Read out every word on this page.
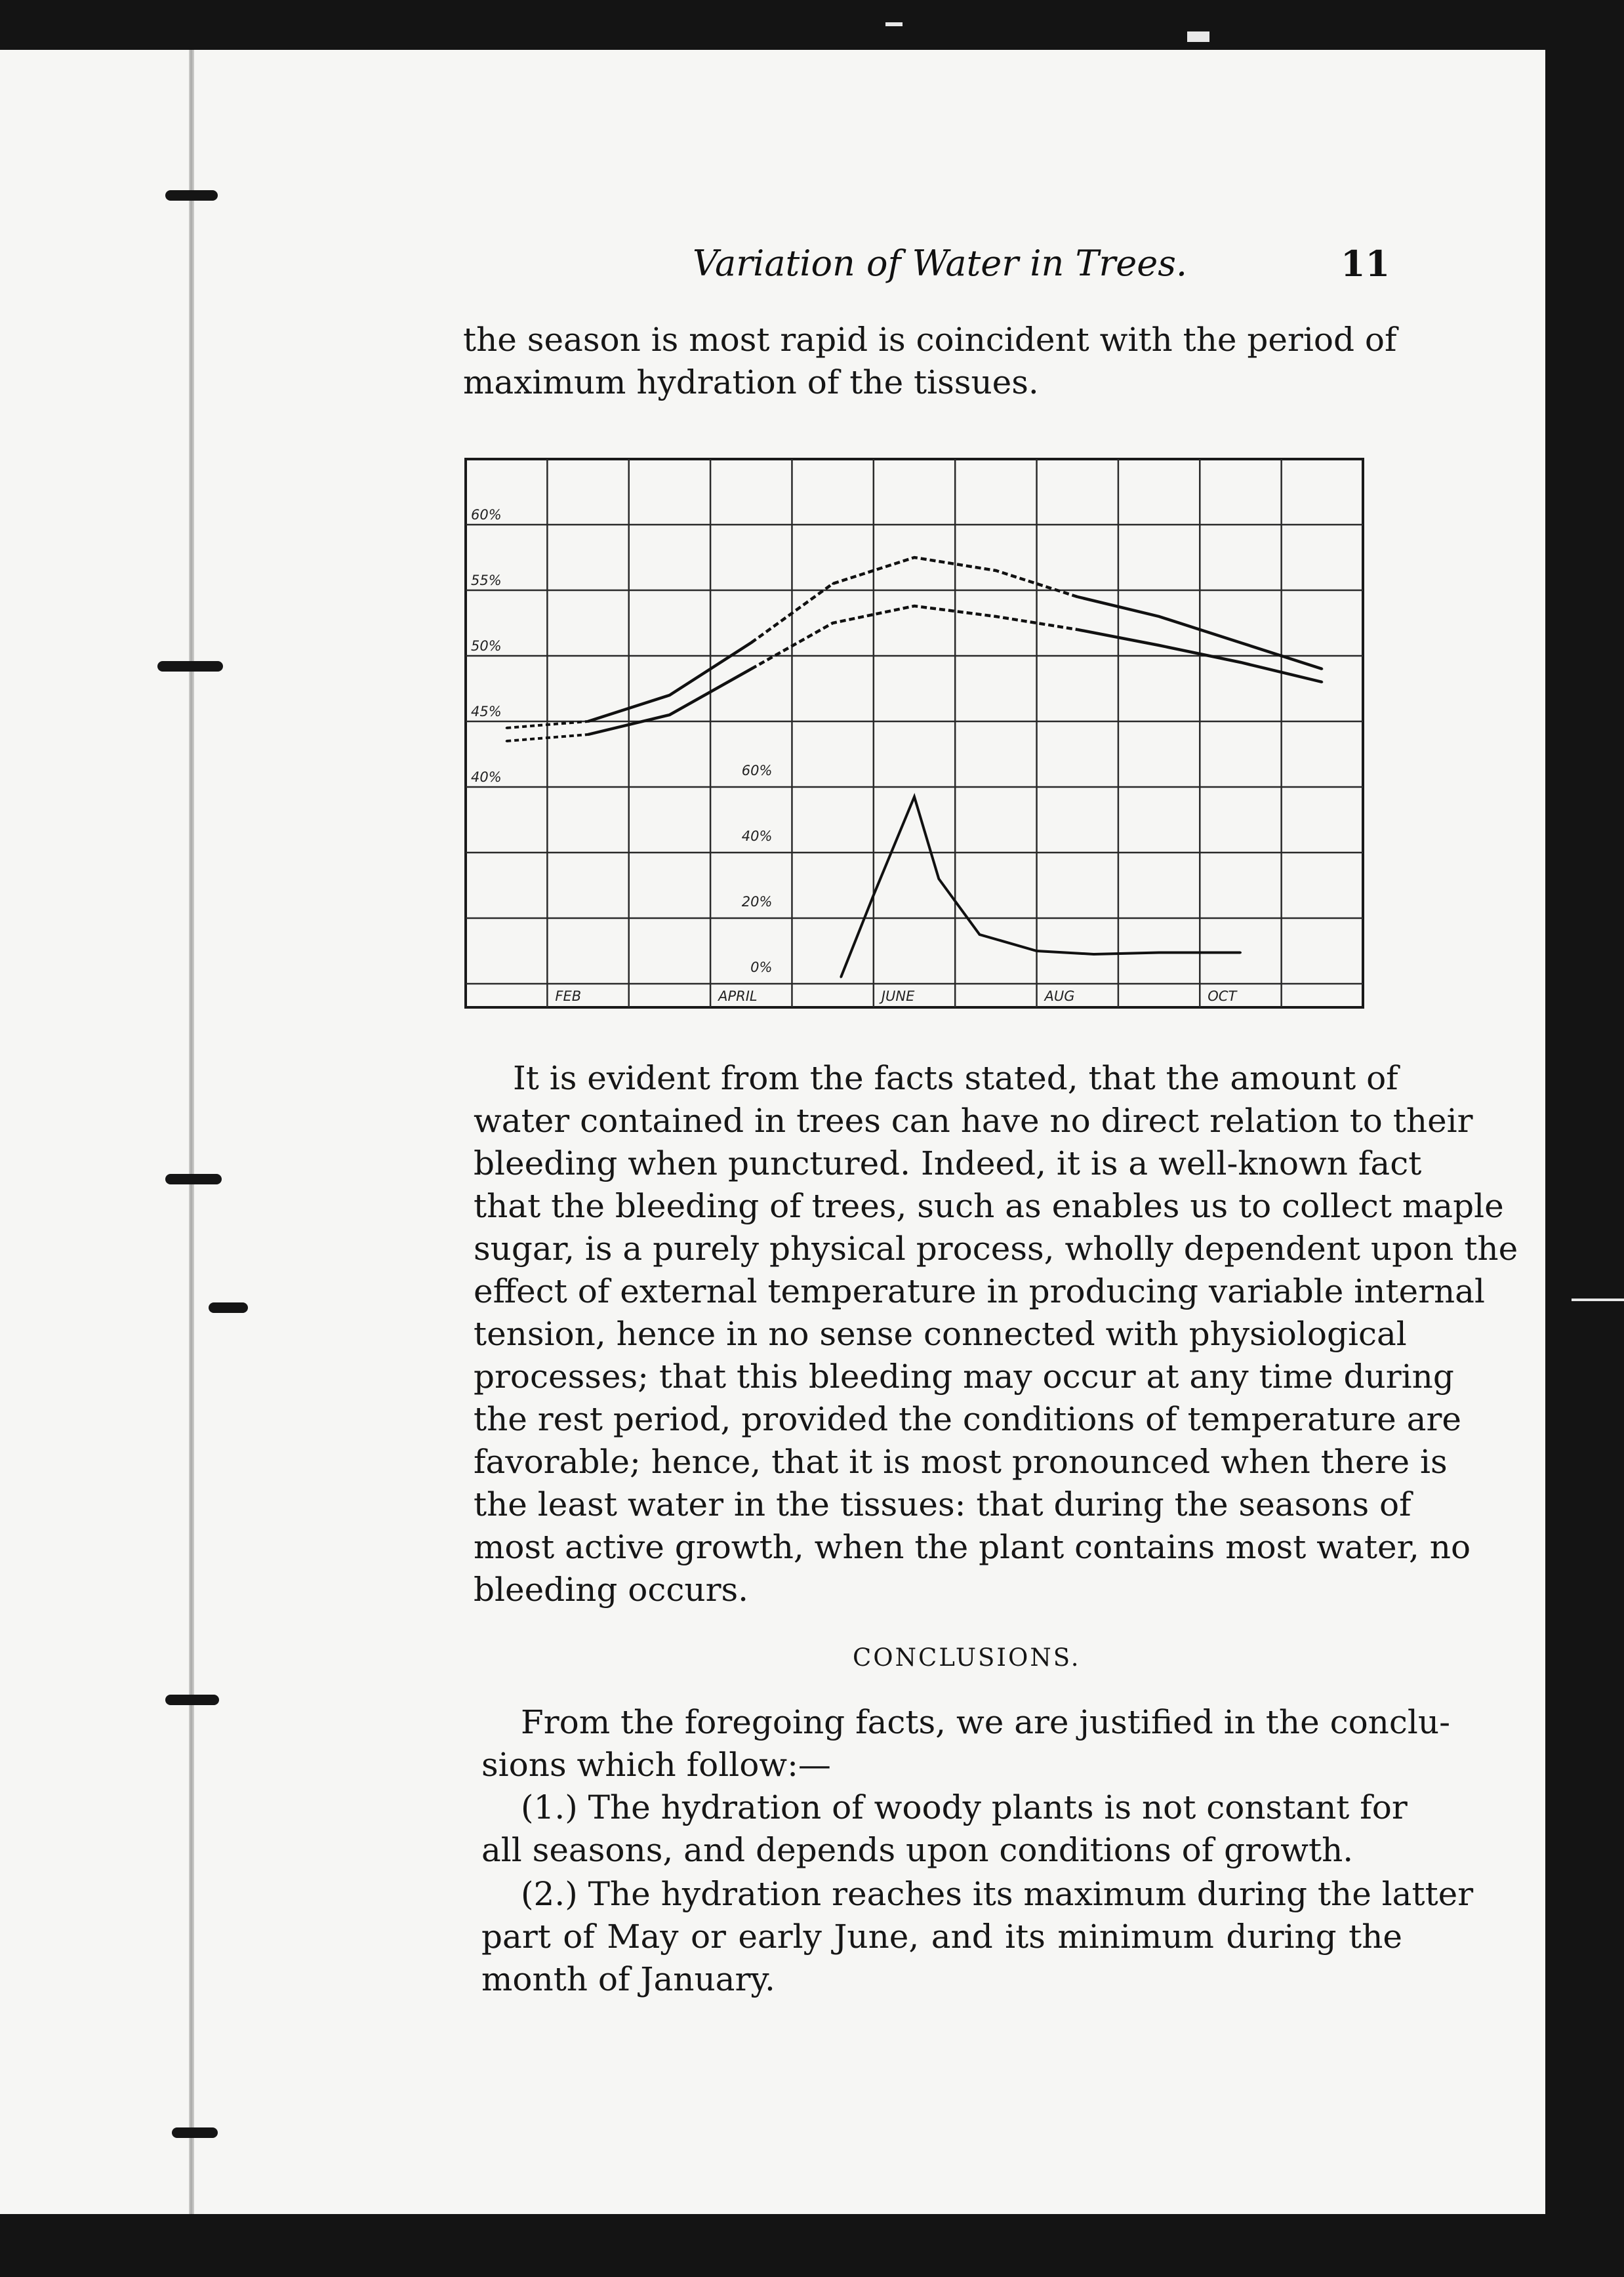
Variation of Water in Trees.	11
the season is most rapid is coincident with the period of
maximum hydration of the tissues.
60%
55%
50%
45%
40%	60%
40%
20%
0%
FEB	APRIL	JUNE	AUG	OCT
It is evident from the facts stated, that the amount of
water contained in trees can have no direct relation to their
bleeding when punctured. Indeed, it is a well-known fact
that the bleeding of trees, such as enables us to collect maple
sugar, is a purely physical process, wholly dependent upon the
effect of external temperature in producing variable internal
tension, hence in no sense connected with physiological
processes; that this bleeding may occur at any time during
the rest period, provided the conditions of temperature are
favorable; hence, that it is most pronounced when there is
the least water in the tissues: that during the seasons of
most active growth, when the plant contains most water, no
bleeding occurs.
CONCLUSIONS.
From the foregoing facts, we are justified in the conclu-
sions which follow:—
(1.) The hydration of woody plants is not constant for
all seasons, and depends upon conditions of growth.
(2.) The hydration reaches its maximum during the latter
part of May or early June, and its minimum during the
month of January.
